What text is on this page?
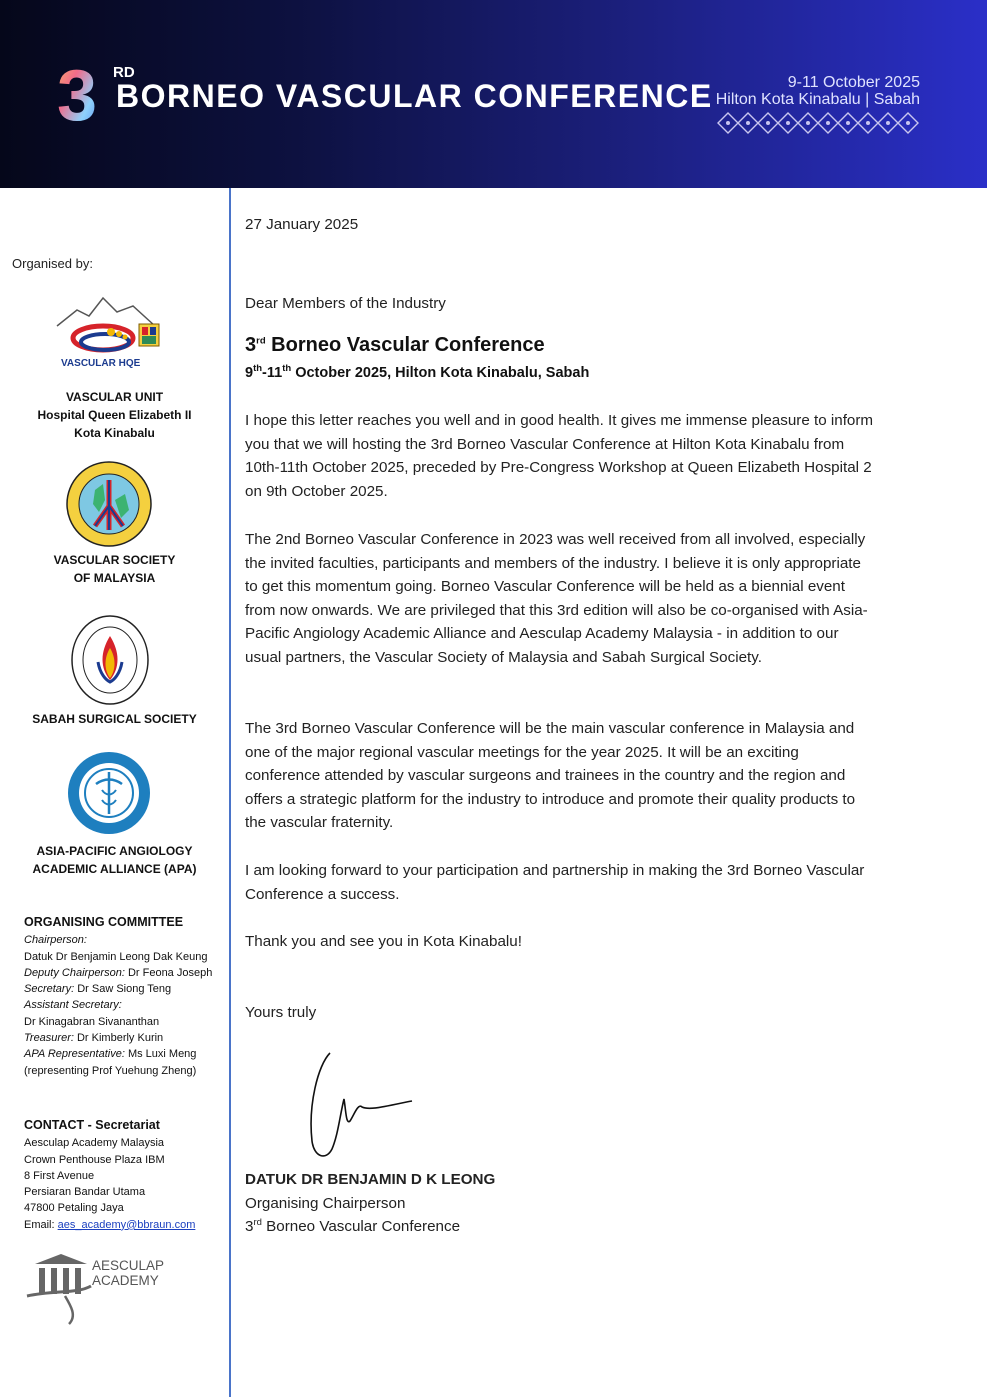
3 RD
BORNEO VASCULAR CONFERENCE	9-11 October 2025
Hilton Kota Kinabalu | Sabah
Organised by:
VASCULAR HQE
VASCULAR UNIT
Hospital Queen Elizabeth II
Kota Kinabalu
VASCULAR SOCIETY
OF MALAYSIA
SABAH SURGICAL SOCIETY
ASIA-PACIFIC ANGIOLOGY
ACADEMIC ALLIANCE (APA)
ORGANISING COMMITTEE
Chairperson:
Datuk Dr Benjamin Leong Dak Keung
Deputy Chairperson: Dr Feona Joseph
Secretary: Dr Saw Siong Teng
Assistant Secretary:
Dr Kinagabran Sivananthan
Treasurer: Dr Kimberly Kurin
APA Representative: Ms Luxi Meng
(representing Prof Yuehung Zheng)
CONTACT - Secretariat
Aesculap Academy Malaysia
Crown Penthouse Plaza IBM
8 First Avenue
Persiaran Bandar Utama
47800 Petaling Jaya
Email: aes_academy@bbraun.com
AESCULAP
ACADEMY

27 January 2025

Dear Members of the Industry

3rd Borneo Vascular Conference

9th-11th October 2025, Hilton Kota Kinabalu, Sabah

I hope this letter reaches you well and in good health. It gives me immense pleasure to inform you that we will hosting the 3rd Borneo Vascular Conference at Hilton Kota Kinabalu from 10th-11th October 2025, preceded by Pre-Congress Workshop at Queen Elizabeth Hospital 2 on 9th October 2025.

The 2nd Borneo Vascular Conference in 2023 was well received from all involved, especially the invited faculties, participants and members of the industry. I believe it is only appropriate to get this momentum going. Borneo Vascular Conference will be held as a biennial event from now onwards. We are privileged that this 3rd edition will also be co-organised with Asia-Pacific Angiology Academic Alliance and Aesculap Academy Malaysia - in addition to our usual partners, the Vascular Society of Malaysia and Sabah Surgical Society.

The 3rd Borneo Vascular Conference will be the main vascular conference in Malaysia and one of the major regional vascular meetings for the year 2025. It will be an exciting conference attended by vascular surgeons and trainees in the country and the region and offers a strategic platform for the industry to introduce and promote their quality products to the vascular fraternity.

I am looking forward to your participation and partnership in making the 3rd Borneo Vascular Conference a success.

Thank you and see you in Kota Kinabalu!

Yours truly

DATUK DR BENJAMIN D K LEONG

Organising Chairperson

3rd Borneo Vascular Conference
